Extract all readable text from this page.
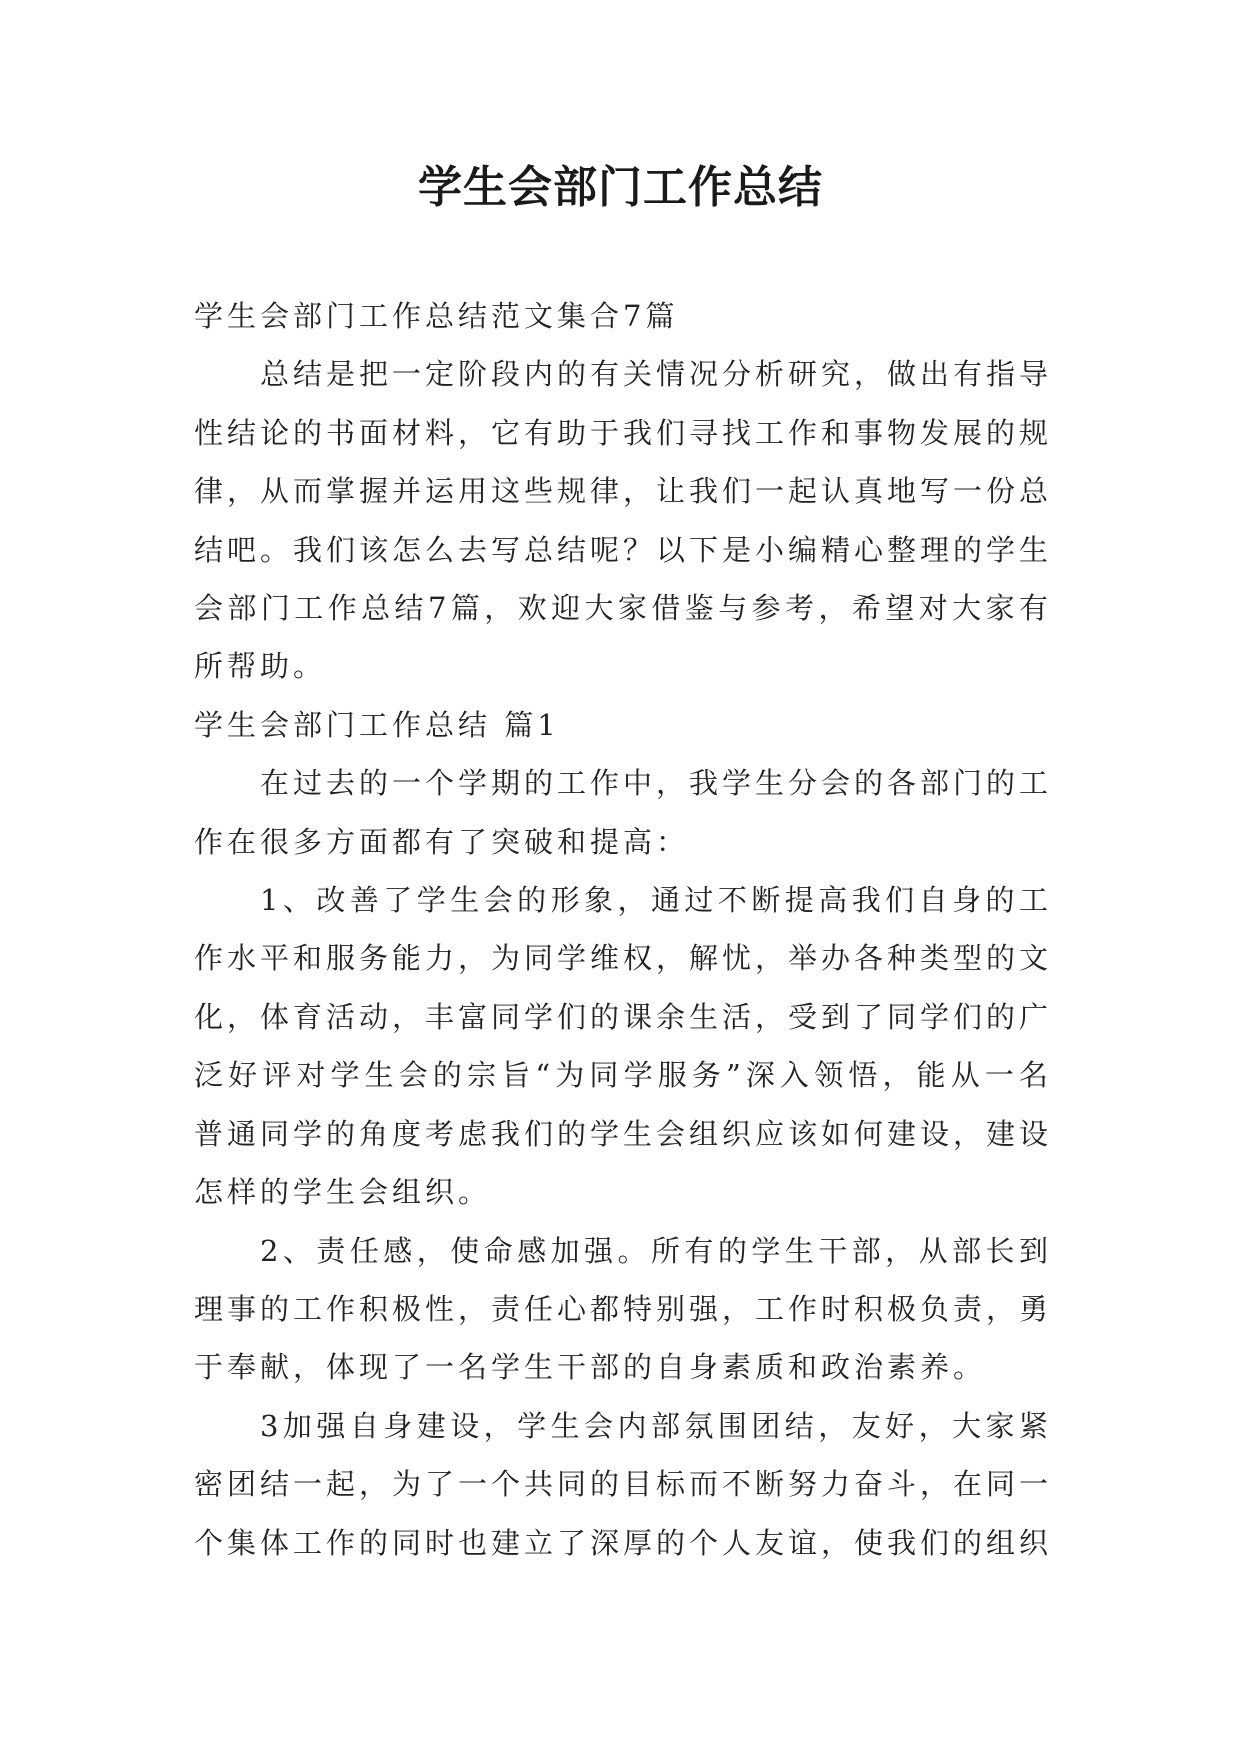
学生会部门工作总结

学生会部门工作总结范文集合7篇

总结是把一定阶段内的有关情况分析研究，做出有指导性结论的书面材料，它有助于我们寻找工作和事物发展的规律，从而掌握并运用这些规律，让我们一起认真地写一份总结吧。我们该怎么去写总结呢？以下是小编精心整理的学生会部门工作总结7篇，欢迎大家借鉴与参考，希望对大家有所帮助。

学生会部门工作总结 篇1

在过去的一个学期的工作中，我学生分会的各部门的工作在很多方面都有了突破和提高：

1、改善了学生会的形象，通过不断提高我们自身的工作水平和服务能力，为同学维权，解忧，举办各种类型的文化，体育活动，丰富同学们的课余生活，受到了同学们的广泛好评对学生会的宗旨“为同学服务”深入领悟，能从一名普通同学的角度考虑我们的学生会组织应该如何建设，建设怎样的学生会组织。

2、责任感，使命感加强。所有的学生干部，从部长到理事的工作积极性，责任心都特别强，工作时积极负责，勇于奉献，体现了一名学生干部的自身素质和政治素养。

3加强自身建设，学生会内部氛围团结，友好，大家紧密团结一起，为了一个共同的目标而不断努力奋斗，在同一个集体工作的同时也建立了深厚的个人友谊，使我们的组织
